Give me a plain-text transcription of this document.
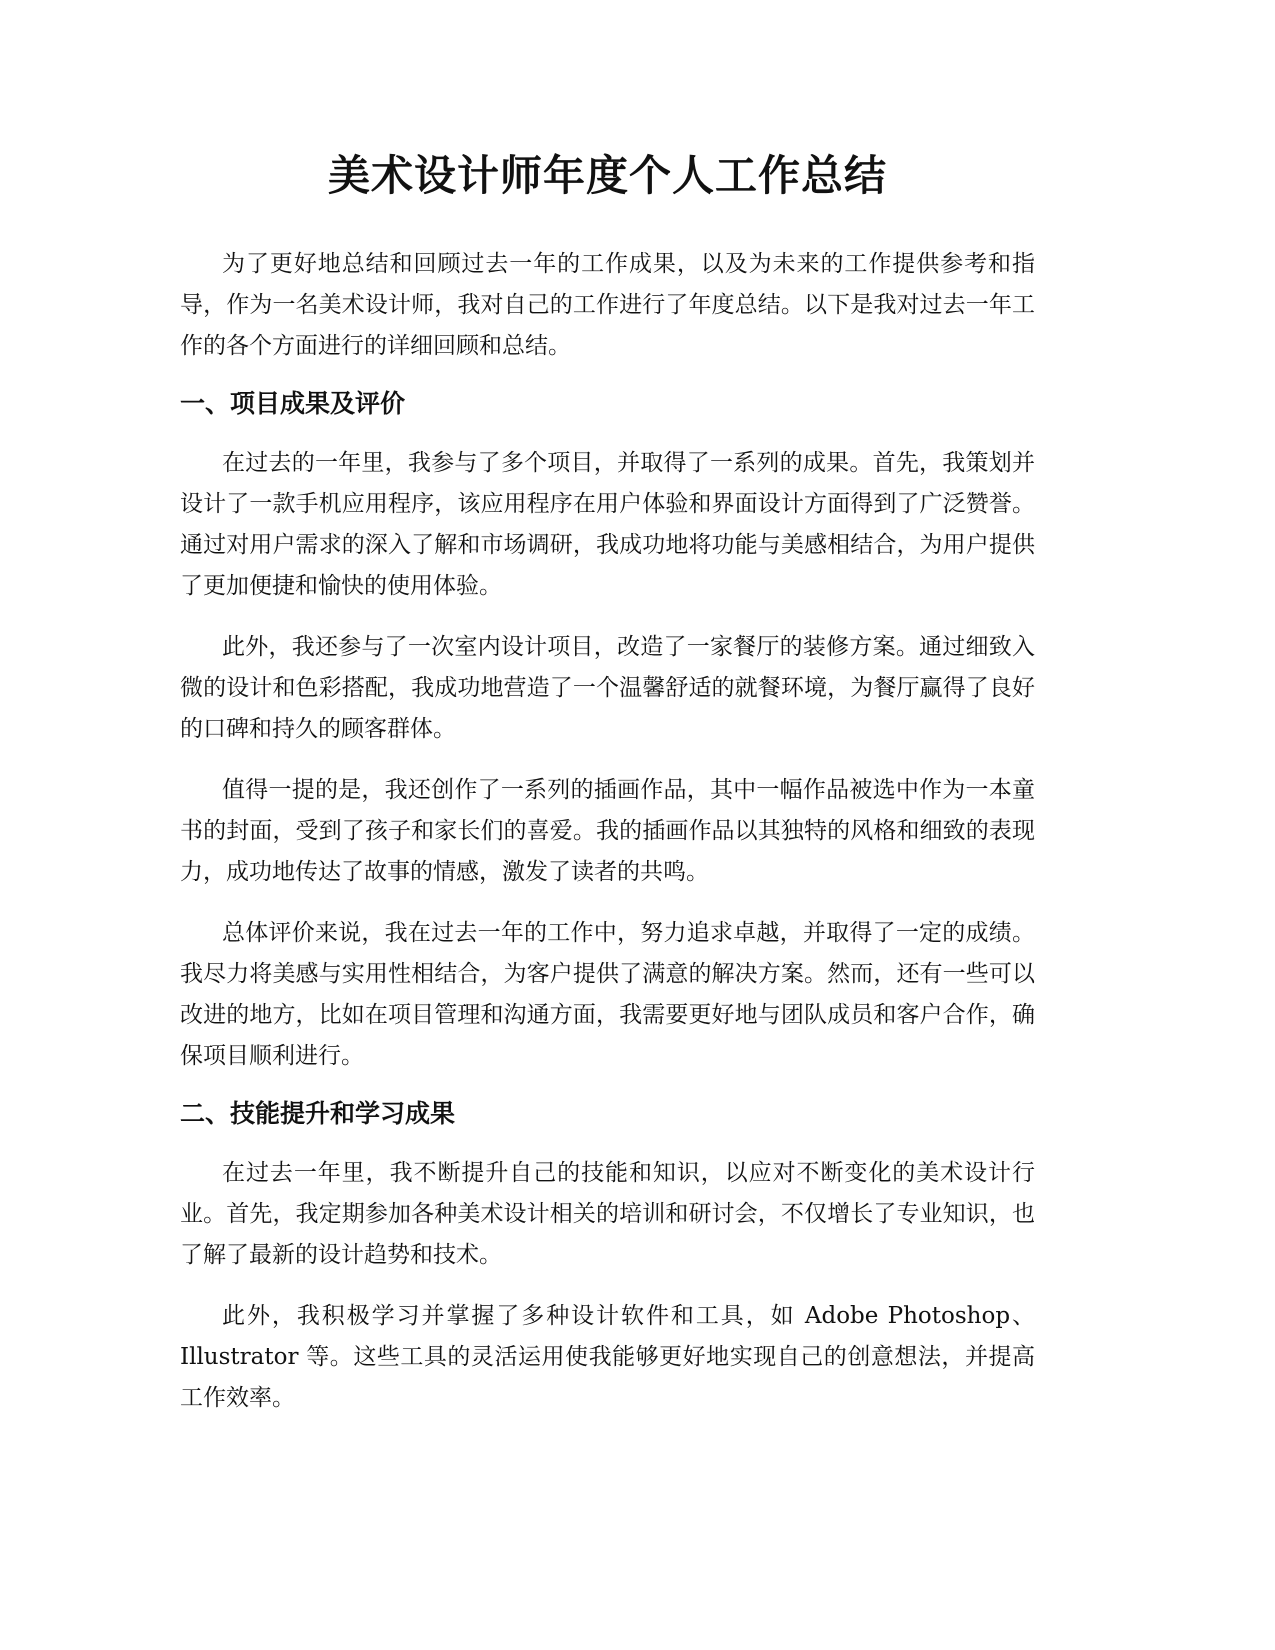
美术设计师年度个人工作总结

为了更好地总结和回顾过去一年的工作成果，以及为未来的工作提供参考和指导，作为一名美术设计师，我对自己的工作进行了年度总结。以下是我对过去一年工作的各个方面进行的详细回顾和总结。

一、项目成果及评价

在过去的一年里，我参与了多个项目，并取得了一系列的成果。首先，我策划并设计了一款手机应用程序，该应用程序在用户体验和界面设计方面得到了广泛赞誉。通过对用户需求的深入了解和市场调研，我成功地将功能与美感相结合，为用户提供了更加便捷和愉快的使用体验。

此外，我还参与了一次室内设计项目，改造了一家餐厅的装修方案。通过细致入微的设计和色彩搭配，我成功地营造了一个温馨舒适的就餐环境，为餐厅赢得了良好的口碑和持久的顾客群体。

值得一提的是，我还创作了一系列的插画作品，其中一幅作品被选中作为一本童书的封面，受到了孩子和家长们的喜爱。我的插画作品以其独特的风格和细致的表现力，成功地传达了故事的情感，激发了读者的共鸣。

总体评价来说，我在过去一年的工作中，努力追求卓越，并取得了一定的成绩。我尽力将美感与实用性相结合，为客户提供了满意的解决方案。然而，还有一些可以改进的地方，比如在项目管理和沟通方面，我需要更好地与团队成员和客户合作，确保项目顺利进行。

二、技能提升和学习成果

在过去一年里，我不断提升自己的技能和知识，以应对不断变化的美术设计行业。首先，我定期参加各种美术设计相关的培训和研讨会，不仅增长了专业知识，也了解了最新的设计趋势和技术。

此外，我积极学习并掌握了多种设计软件和工具，如 Adobe Photoshop、Illustrator 等。这些工具的灵活运用使我能够更好地实现自己的创意想法，并提高工作效率。
